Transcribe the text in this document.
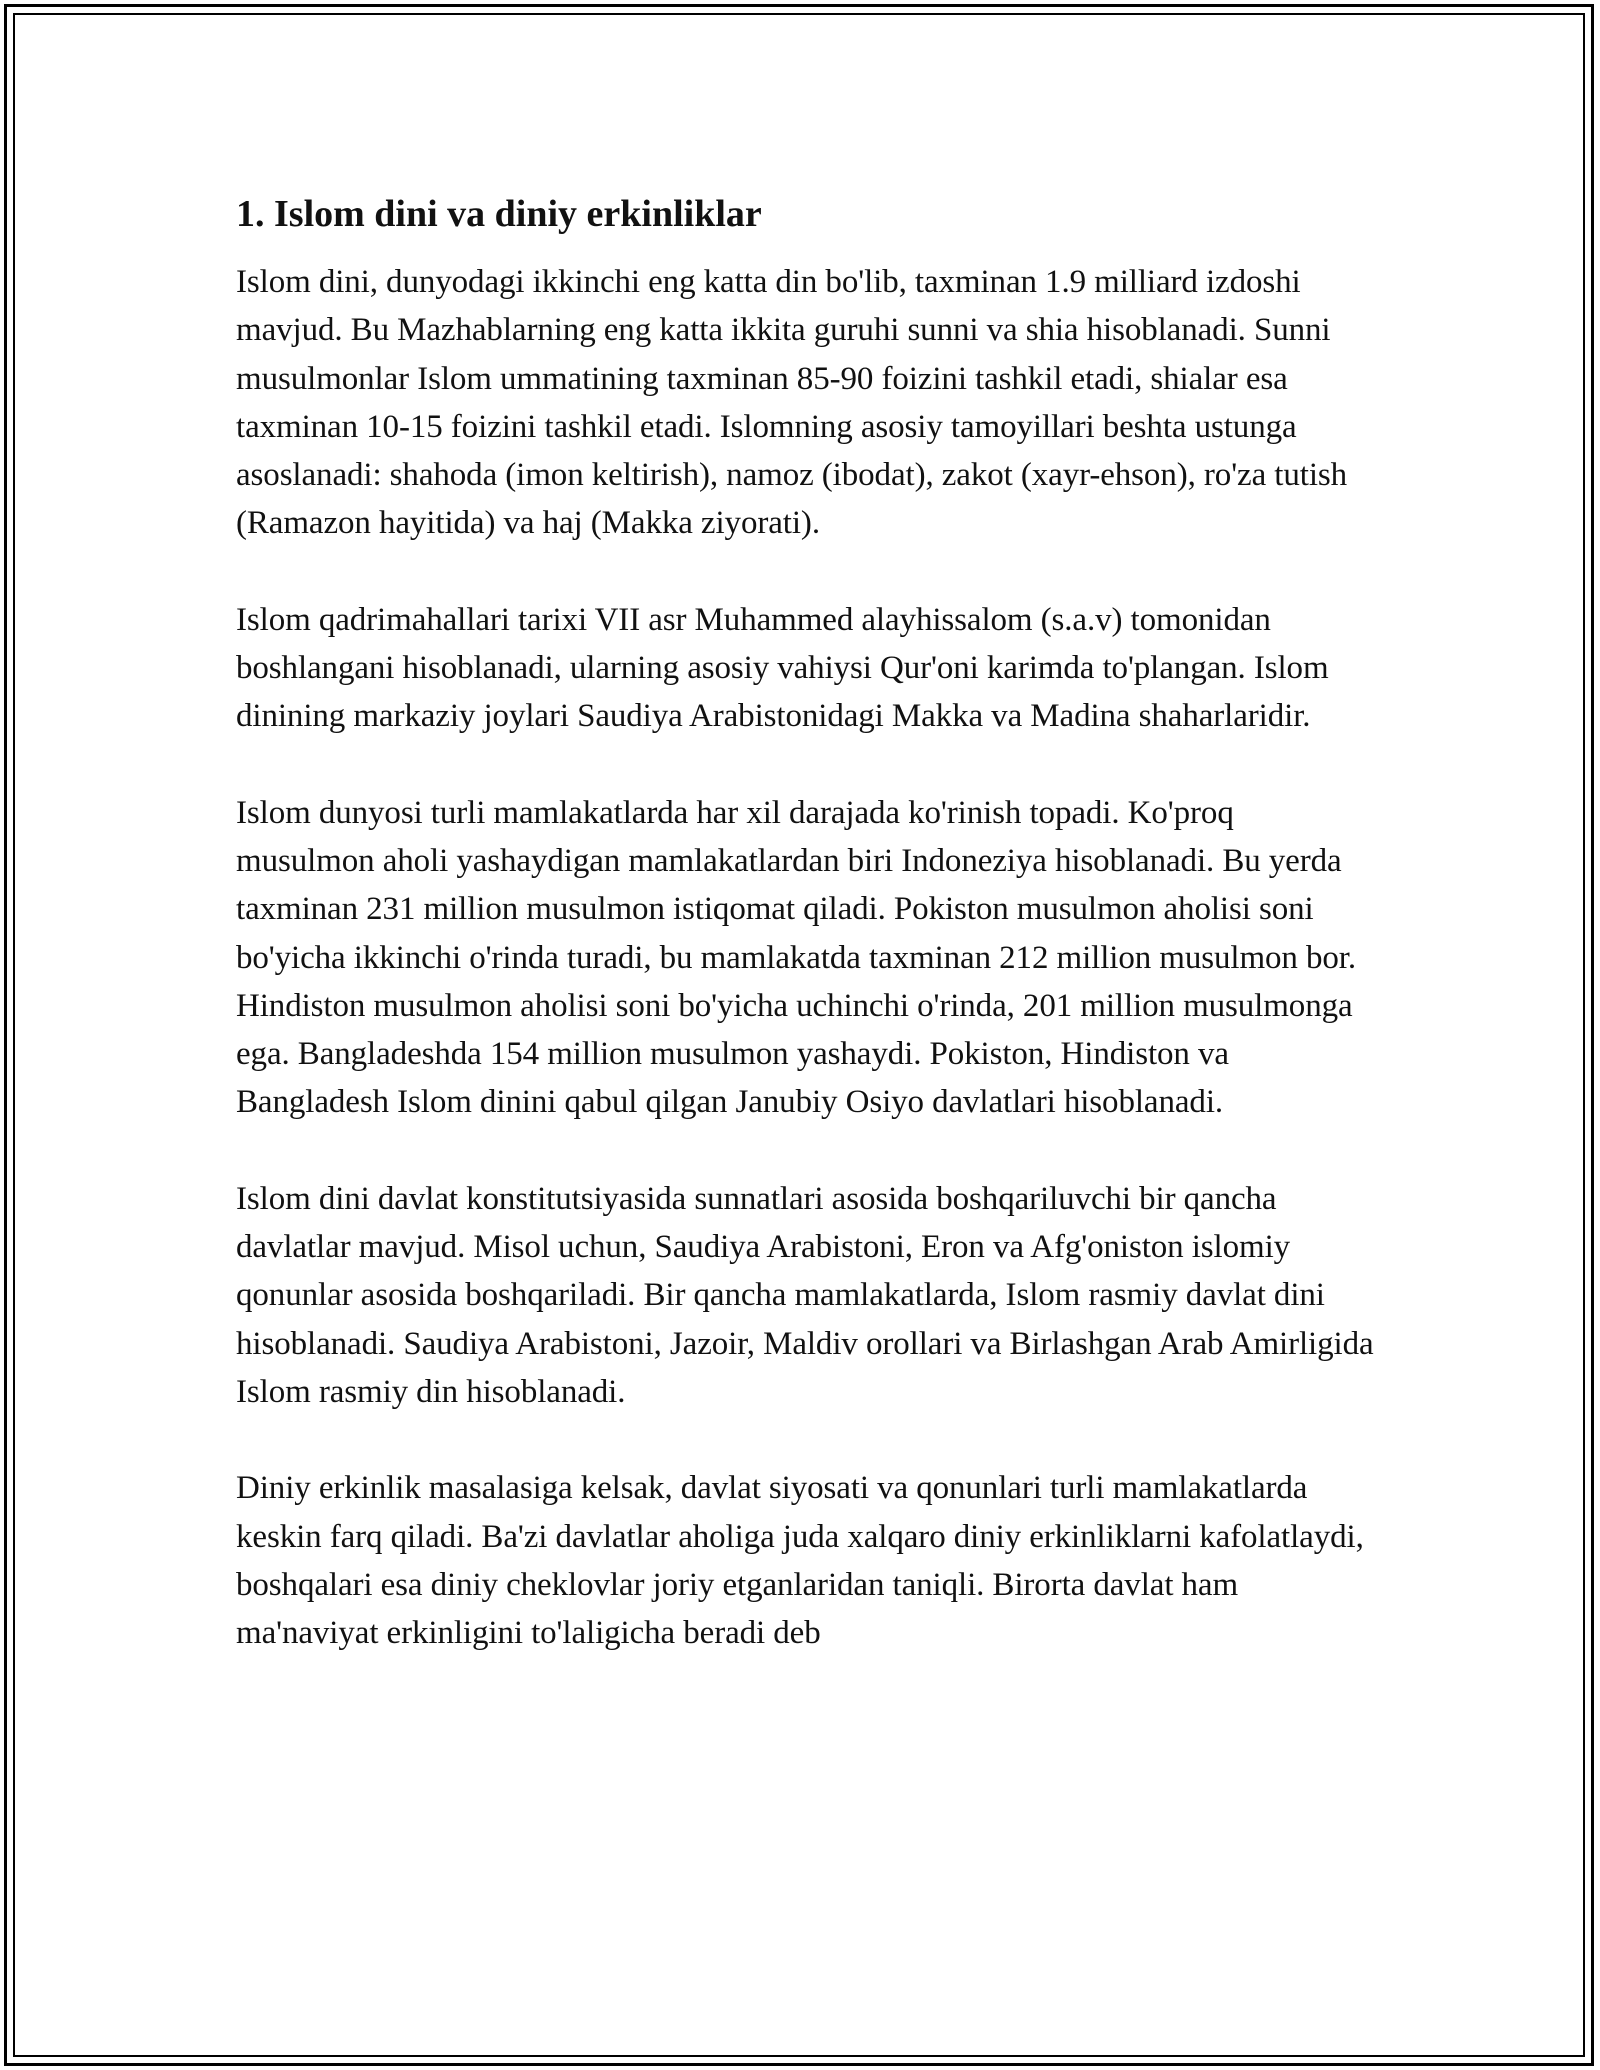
1. Islom dini va diniy erkinliklar

Islom dini, dunyodagi ikkinchi eng katta din bo'lib, taxminan 1.9 milliard izdoshi mavjud. Bu Mazhablarning eng katta ikkita guruhi sunni va shia hisoblanadi. Sunni musulmonlar Islom ummatining taxminan 85-90 foizini tashkil etadi, shialar esa taxminan 10-15 foizini tashkil etadi. Islomning asosiy tamoyillari beshta ustunga asoslanadi: shahoda (imon keltirish), namoz (ibodat), zakot (xayr-ehson), ro'za tutish (Ramazon hayitida) va haj (Makka ziyorati).

Islom qadrimahallari tarixi VII asr Muhammed alayhissalom (s.a.v) tomonidan boshlangani hisoblanadi, ularning asosiy vahiysi Qur'oni karimda to'plangan. Islom dinining markaziy joylari Saudiya Arabistonidagi Makka va Madina shaharlaridir.

Islom dunyosi turli mamlakatlarda har xil darajada ko'rinish topadi. Ko'proq musulmon aholi yashaydigan mamlakatlardan biri Indoneziya hisoblanadi. Bu yerda taxminan 231 million musulmon istiqomat qiladi. Pokiston musulmon aholisi soni bo'yicha ikkinchi o'rinda turadi, bu mamlakatda taxminan 212 million musulmon bor. Hindiston musulmon aholisi soni bo'yicha uchinchi o'rinda, 201 million musulmonga ega. Bangladeshda 154 million musulmon yashaydi. Pokiston, Hindiston va Bangladesh Islom dinini qabul qilgan Janubiy Osiyo davlatlari hisoblanadi.

Islom dini davlat konstitutsiyasida sunnatlari asosida boshqariluvchi bir qancha davlatlar mavjud. Misol uchun, Saudiya Arabistoni, Eron va Afg'oniston islomiy qonunlar asosida boshqariladi. Bir qancha mamlakatlarda, Islom rasmiy davlat dini hisoblanadi. Saudiya Arabistoni, Jazoir, Maldiv orollari va Birlashgan Arab Amirligida Islom rasmiy din hisoblanadi.

Diniy erkinlik masalasiga kelsak, davlat siyosati va qonunlari turli mamlakatlarda keskin farq qiladi. Ba'zi davlatlar aholiga juda xalqaro diniy erkinliklarni kafolatlaydi, boshqalari esa diniy cheklovlar joriy etganlaridan taniqli. Birorta davlat ham ma'naviyat erkinligini to'laligicha beradi deb
